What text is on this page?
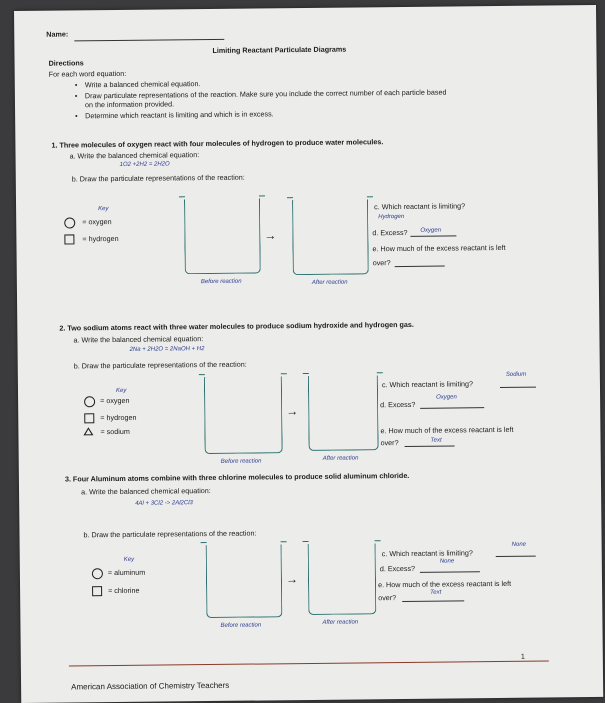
Name:
Limiting Reactant Particulate Diagrams
Directions
For each word equation:
• Write a balanced chemical equation.
• Draw particulate representations of the reaction. Make sure you include the correct number of each particle based
on the information provided.
• Determine which reactant is limiting and which is in excess.
1. Three molecules of oxygen react with four molecules of hydrogen to produce water molecules.
a. Write the balanced chemical equation:
1O2 +2H2 = 2H2O
b. Draw the particulate representations of the reaction:
Key
= oxygen
= hydrogen	→
Before reaction	After reaction
c. Which reactant is limiting?
Hydrogen
d. Excess? Oxygen
e. How much of the excess reactant is left
over?
2. Two sodium atoms react with three water molecules to produce sodium hydroxide and hydrogen gas.
a. Write the balanced chemical equation:
2Na + 2H2O = 2NaOH + H2
b. Draw the particulate representations of the reaction:
Key
= oxygen
= hydrogen
= sodium
→
Before reaction	After reaction
c. Which reactant is limiting?
Sodium
d. Excess?
Oxygen
e. How much of the excess reactant is left
over?	Text
3. Four Aluminum atoms combine with three chlorine molecules to produce solid aluminum chloride.
a. Write the balanced chemical equation:
4Al + 3Cl2 -> 2Al2Cl3
b. Draw the particulate representations of the reaction:
Key
= aluminum
= chlorine
→
Before reaction	After reaction
c. Which reactant is limiting?
None
d. Excess?
None
e. How much of the excess reactant is left
over?
Text
1
American Association of Chemistry Teachers
